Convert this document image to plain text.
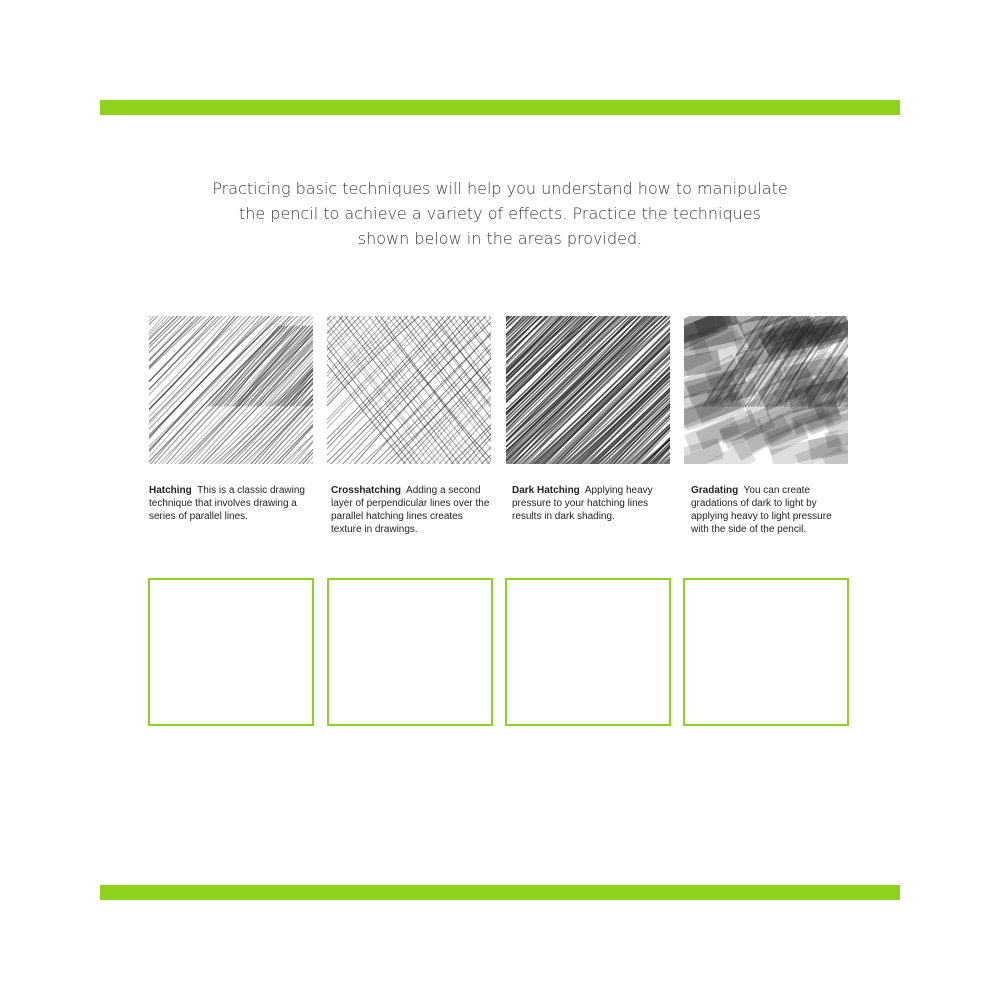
Practicing basic techniques will help you understand how to manipulate
the pencil to achieve a variety of effects. Practice the techniques
shown below in the areas provided.
Hatching This is a classic drawing technique that involves drawing a series of parallel lines.
Crosshatching Adding a second layer of perpendicular lines over the parallel hatching lines creates texture in drawings.
Dark Hatching Applying heavy pressure to your hatching lines results in dark shading.
Gradating You can create gradations of dark to light by applying heavy to light pressure with the side of the pencil.
